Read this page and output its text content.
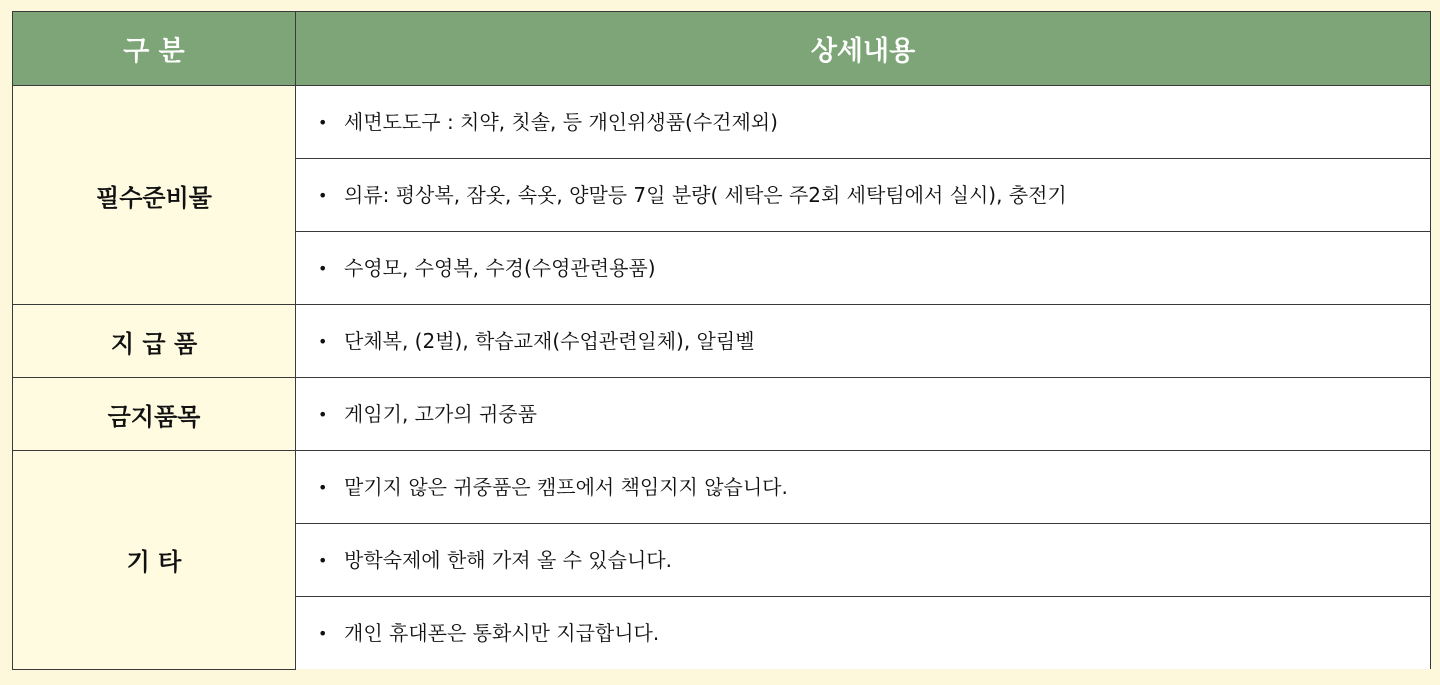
구 분	상세내용
필수준비물	• 세면도도구 : 치약, 칫솔, 등 개인위생품(수건제외)

	• 의류: 평상복, 잠옷, 속옷, 양말등 7일 분량( 세탁은 주2회 세탁팀에서 실시), 충전기

	• 수영모, 수영복, 수경(수영관련용품)

지 급 품	• 단체복, (2벌), 학습교재(수업관련일체), 알림벨

금지품목	• 게임기, 고가의 귀중품

기 타	• 맡기지 않은 귀중품은 캠프에서 책임지지 않습니다.

	• 방학숙제에 한해 가져 올 수 있습니다.

	• 개인 휴대폰은 통화시만 지급합니다.
